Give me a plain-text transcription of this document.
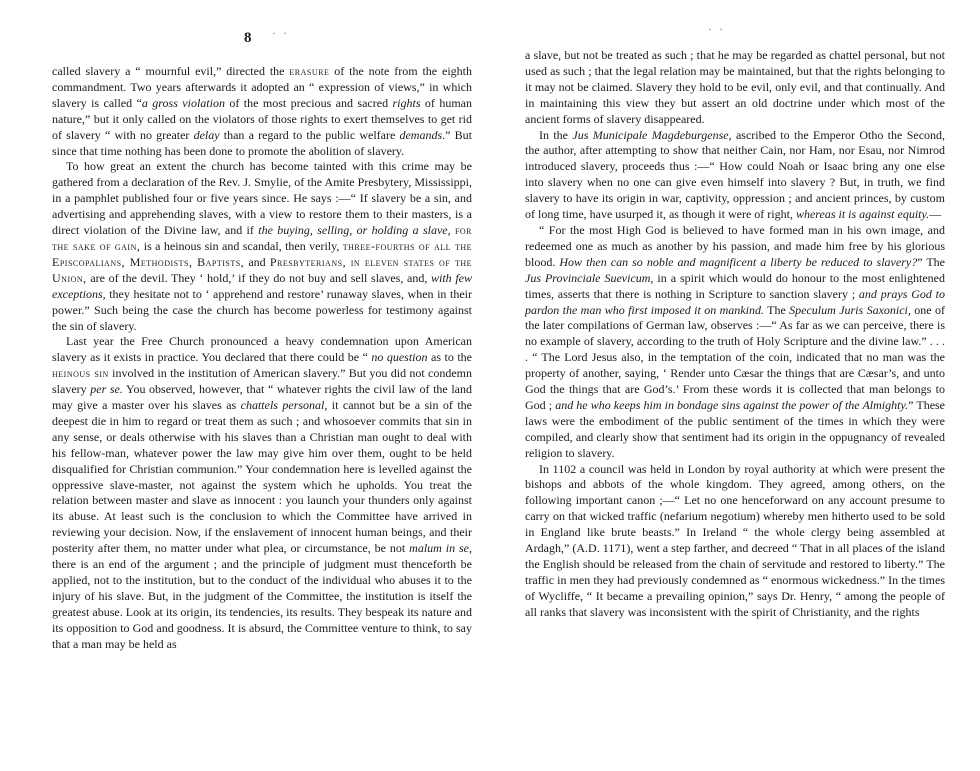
8 · ·	· ·

called slavery a “ mournful evil,” directed the erasure of the note from the eighth commandment. Two years afterwards it adopted an “ expression of views,” in which slavery is called “a gross violation of the most precious and sacred rights of human nature,” but it only called on the violators of those rights to exert themselves to get rid of slavery “ with no greater delay than a regard to the public welfare demands.” But since that time nothing has been done to promote the abolition of slavery.

To how great an extent the church has become tainted with this crime may be gathered from a declaration of the Rev. J. Smylie, of the Amite Presbytery, Mississippi, in a pamphlet published four or five years since. He says :—“ If slavery be a sin, and advertising and apprehending slaves, with a view to restore them to their masters, is a direct violation of the Divine law, and if the buying, selling, or holding a slave, for the sake of gain, is a heinous sin and scandal, then verily, three-fourths of all the Episcopalians, Methodists, Baptists, and Presbyterians, in eleven states of the Union, are of the devil. They ‘ hold,’ if they do not buy and sell slaves, and, with few exceptions, they hesitate not to ‘ apprehend and restore’ runaway slaves, when in their power.” Such being the case the church has become powerless for testimony against the sin of slavery.

Last year the Free Church pronounced a heavy condemnation upon American slavery as it exists in practice. You declared that there could be “ no question as to the heinous sin involved in the institution of American slavery.” But you did not condemn slavery per se. You observed, however, that “ whatever rights the civil law of the land may give a master over his slaves as chattels personal, it cannot but be a sin of the deepest die in him to regard or treat them as such ; and whosoever commits that sin in any sense, or deals otherwise with his slaves than a Christian man ought to deal with his fellow-man, whatever power the law may give him over them, ought to be held disqualified for Christian communion.” Your condemnation here is levelled against the oppressive slave-master, not against the system which he upholds. You treat the relation between master and slave as innocent : you launch your thunders only against its abuse. At least such is the conclusion to which the Committee have arrived in reviewing your decision. Now, if the enslavement of innocent human beings, and their posterity after them, no matter under what plea, or circumstance, be not malum in se, there is an end of the argument ; and the principle of judgment must thenceforth be applied, not to the institution, but to the conduct of the individual who abuses it to the injury of his slave. But, in the judgment of the Committee, the institution is itself the greatest abuse. Look at its origin, its tendencies, its results. They bespeak its nature and its opposition to God and goodness. It is absurd, the Committee venture to think, to say that a man may be held as

a slave, but not be treated as such ; that he may be regarded as chattel personal, but not used as such ; that the legal relation may be maintained, but that the rights belonging to it may not be claimed. Slavery they hold to be evil, only evil, and that continually. And in maintaining this view they but assert an old doctrine under which most of the ancient forms of slavery disappeared.

In the Jus Municipale Magdeburgense, ascribed to the Emperor Otho the Second, the author, after attempting to show that neither Cain, nor Ham, nor Esau, nor Nimrod introduced slavery, proceeds thus :—“ How could Noah or Isaac bring any one else into slavery when no one can give even himself into slavery ? But, in truth, we find slavery to have its origin in war, captivity, oppression ; and ancient princes, by custom of long time, have usurped it, as though it were of right, whereas it is against equity.—

“ For the most High God is believed to have formed man in his own image, and redeemed one as much as another by his passion, and made him free by his glorious blood. How then can so noble and magnificent a liberty be reduced to slavery?” The Jus Provinciale Suevicum, in a spirit which would do honour to the most enlightened times, asserts that there is nothing in Scripture to sanction slavery ; and prays God to pardon the man who first imposed it on mankind. The Speculum Juris Saxonici, one of the later compilations of German law, observes :—“ As far as we can perceive, there is no example of slavery, according to the truth of Holy Scripture and the divine law.” . . . . “ The Lord Jesus also, in the temptation of the coin, indicated that no man was the property of another, saying, ‘ Render unto Cæsar the things that are Cæsar’s, and unto God the things that are God’s.’ From these words it is collected that man belongs to God ; and he who keeps him in bondage sins against the power of the Almighty.” These laws were the embodiment of the public sentiment of the times in which they were compiled, and clearly show that sentiment had its origin in the oppugnancy of revealed religion to slavery.

In 1102 a council was held in London by royal authority at which were present the bishops and abbots of the whole kingdom. They agreed, among others, on the following important canon ;—“ Let no one henceforward on any account presume to carry on that wicked traffic (nefarium negotium) whereby men hitherto used to be sold in England like brute beasts.” In Ireland “ the whole clergy being assembled at Ardagh,” (A.D. 1171), went a step farther, and decreed “ That in all places of the island the English should be released from the chain of servitude and restored to liberty.” The traffic in men they had previously condemned as “ enormous wickedness.” In the times of Wycliffe, “ It became a prevailing opinion,” says Dr. Henry, “ among the people of all ranks that slavery was inconsistent with the spirit of Christianity, and the rights
